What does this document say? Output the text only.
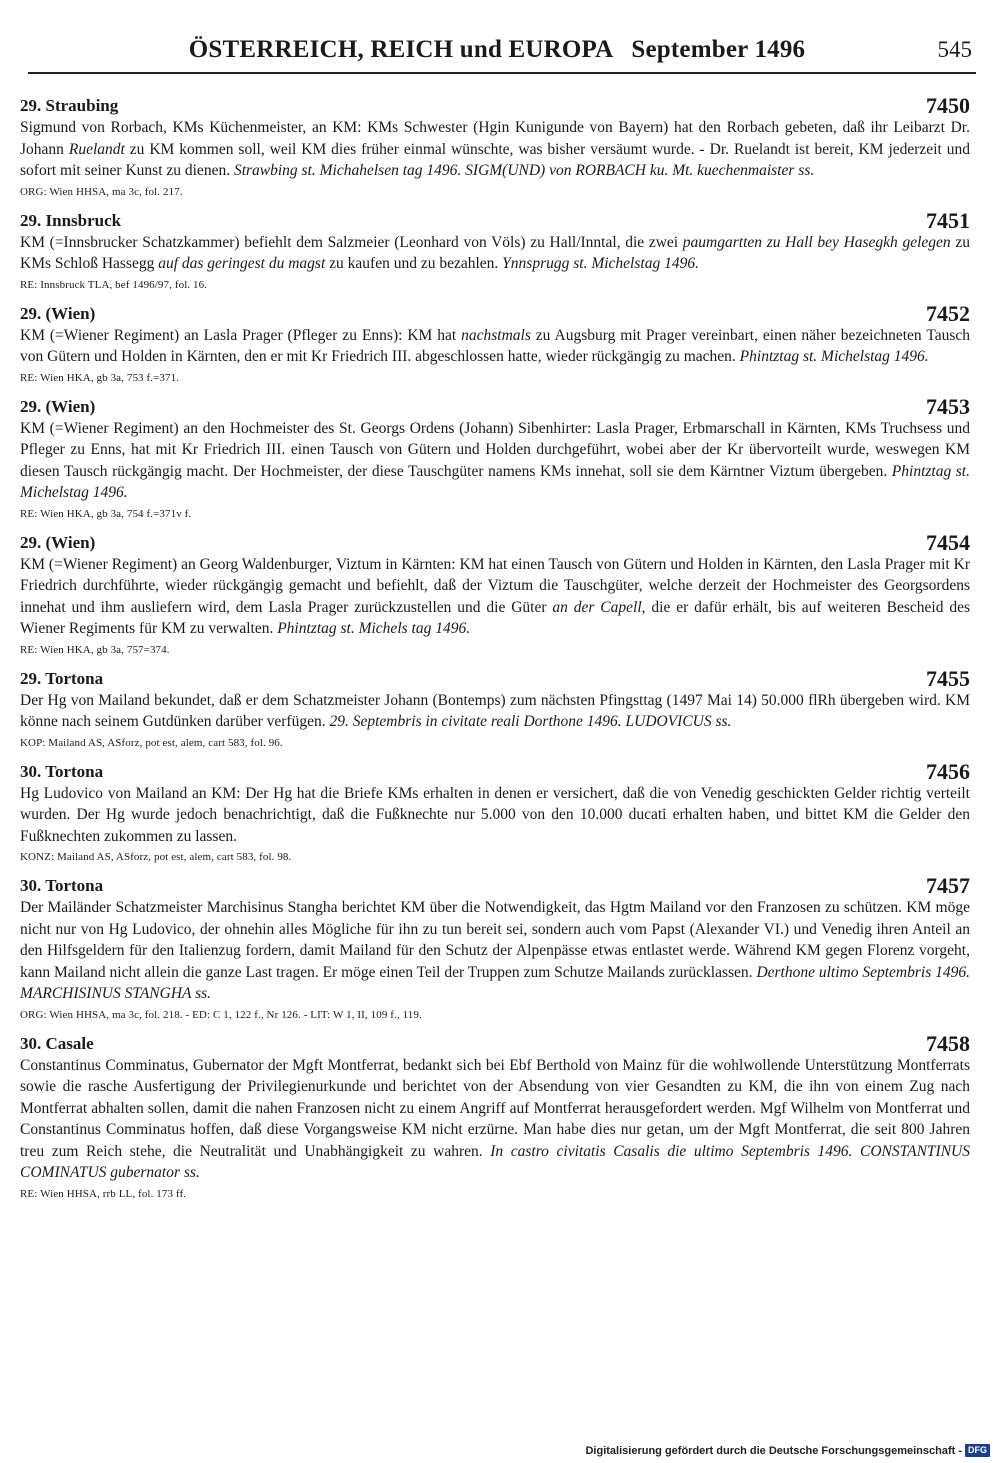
ÖSTERREICH, REICH und EUROPA   September 1496	545
29. Straubing	7450
Sigmund von Rorbach, KMs Küchenmeister, an KM: KMs Schwester (Hgin Kunigunde von Bayern) hat den Rorbach gebeten, daß ihr Leibarzt Dr. Johann Ruelandt zu KM kommen soll, weil KM dies früher einmal wünschte, was bisher versäumt wurde. - Dr. Ruelandt ist bereit, KM jederzeit und sofort mit seiner Kunst zu dienen. Strawbing st. Michahelsen tag 1496. SIGM(UND) von RORBACH ku. Mt. kuechenmaister ss.
ORG: Wien HHSA, ma 3c, fol. 217.
29. Innsbruck	7451
KM (=Innsbrucker Schatzkammer) befiehlt dem Salzmeier (Leonhard von Völs) zu Hall/Inntal, die zwei paumgartten zu Hall bey Hasegkh gelegen zu KMs Schloß Hassegg auf das geringest du magst zu kaufen und zu bezahlen. Ynnsprugg st. Michelstag 1496.
RE: Innsbruck TLA, bef 1496/97, fol. 16.
29. (Wien)	7452
KM (=Wiener Regiment) an Lasla Prager (Pfleger zu Enns): KM hat nachstmals zu Augsburg mit Prager vereinbart, einen näher bezeichneten Tausch von Gütern und Holden in Kärnten, den er mit Kr Friedrich III. abgeschlossen hatte, wieder rückgängig zu machen. Phintztag st. Michelstag 1496.
RE: Wien HKA, gb 3a, 753 f.=371.
29. (Wien)	7453
KM (=Wiener Regiment) an den Hochmeister des St. Georgs Ordens (Johann) Sibenhirter: Lasla Prager, Erbmarschall in Kärnten, KMs Truchsess und Pfleger zu Enns, hat mit Kr Friedrich III. einen Tausch von Gütern und Holden durchgeführt, wobei aber der Kr übervorteilt wurde, weswegen KM diesen Tausch rückgängig macht. Der Hochmeister, der diese Tauschgüter namens KMs innehat, soll sie dem Kärntner Viztum übergeben. Phintztag st. Michelstag 1496.
RE: Wien HKA, gb 3a, 754 f.=371v f.
29. (Wien)	7454
KM (=Wiener Regiment) an Georg Waldenburger, Viztum in Kärnten: KM hat einen Tausch von Gütern und Holden in Kärnten, den Lasla Prager mit Kr Friedrich durchführte, wieder rückgängig gemacht und befiehlt, daß der Viztum die Tauschgüter, welche derzeit der Hochmeister des Georgsordens innehat und ihm ausliefern wird, dem Lasla Prager zurückzustellen und die Güter an der Capell, die er dafür erhält, bis auf weiteren Bescheid des Wiener Regiments für KM zu verwalten. Phintztag st. Michels tag 1496.
RE: Wien HKA, gb 3a, 757=374.
29. Tortona	7455
Der Hg von Mailand bekundet, daß er dem Schatzmeister Johann (Bontemps) zum nächsten Pfingsttag (1497 Mai 14) 50.000 flRh übergeben wird. KM könne nach seinem Gutdünken darüber verfügen. 29. Septembris in civitate reali Dorthone 1496. LUDOVICUS ss.
KOP: Mailand AS, ASforz, pot est, alem, cart 583, fol. 96.
30. Tortona	7456
Hg Ludovico von Mailand an KM: Der Hg hat die Briefe KMs erhalten in denen er versichert, daß die von Venedig geschickten Gelder richtig verteilt wurden. Der Hg wurde jedoch benachrichtigt, daß die Fußknechte nur 5.000 von den 10.000 ducati erhalten haben, und bittet KM die Gelder den Fußknechten zukommen zu lassen.
KONZ: Mailand AS, ASforz, pot est, alem, cart 583, fol. 98.
30. Tortona	7457
Der Mailänder Schatzmeister Marchisinus Stangha berichtet KM über die Notwendigkeit, das Hgtm Mailand vor den Franzosen zu schützen. KM möge nicht nur von Hg Ludovico, der ohnehin alles Mögliche für ihn zu tun bereit sei, sondern auch vom Papst (Alexander VI.) und Venedig ihren Anteil an den Hilfsgeldern für den Italienzug fordern, damit Mailand für den Schutz der Alpenpässe etwas entlastet werde. Während KM gegen Florenz vorgeht, kann Mailand nicht allein die ganze Last tragen. Er möge einen Teil der Truppen zum Schutze Mailands zurücklassen. Derthone ultimo Septembris 1496. MARCHISINUS STANGHA ss.
ORG: Wien HHSA, ma 3c, fol. 218. - ED: C 1, 122 f., Nr 126. - LIT: W 1, II, 109 f., 119.
30. Casale	7458
Constantinus Comminatus, Gubernator der Mgft Montferrat, bedankt sich bei Ebf Berthold von Mainz für die wohlwollende Unterstützung Montferrats sowie die rasche Ausfertigung der Privilegienurkunde und berichtet von der Absendung von vier Gesandten zu KM, die ihn von einem Zug nach Montferrat abhalten sollen, damit die nahen Franzosen nicht zu einem Angriff auf Montferrat herausgefordert werden. Mgf Wilhelm von Montferrat und Constantinus Comminatus hoffen, daß diese Vorgangsweise KM nicht erzürne. Man habe dies nur getan, um der Mgft Montferrat, die seit 800 Jahren treu zum Reich stehe, die Neutralität und Unabhängigkeit zu wahren. In castro civitatis Casalis die ultimo Septembris 1496. CONSTANTINUS COMINATUS gubernator ss.
RE: Wien HHSA, rrb LL, fol. 173 ff.
Digitalisierung gefördert durch die Deutsche Forschungsgemeinschaft - DFG
